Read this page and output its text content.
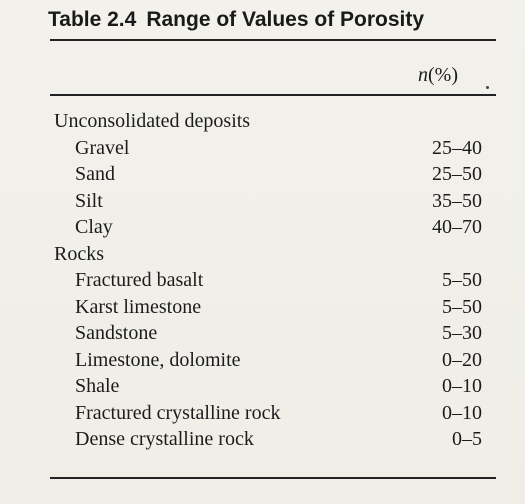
Table 2.4 Range of Values of Porosity
n(%)
Unconsolidated deposits
Gravel	25–40
Sand	25–50
Silt	35–50
Clay	40–70
Rocks
Fractured basalt	5–50
Karst limestone	5–50
Sandstone	5–30
Limestone, dolomite	0–20
Shale	0–10
Fractured crystalline rock	0–10
Dense crystalline rock	0–5
